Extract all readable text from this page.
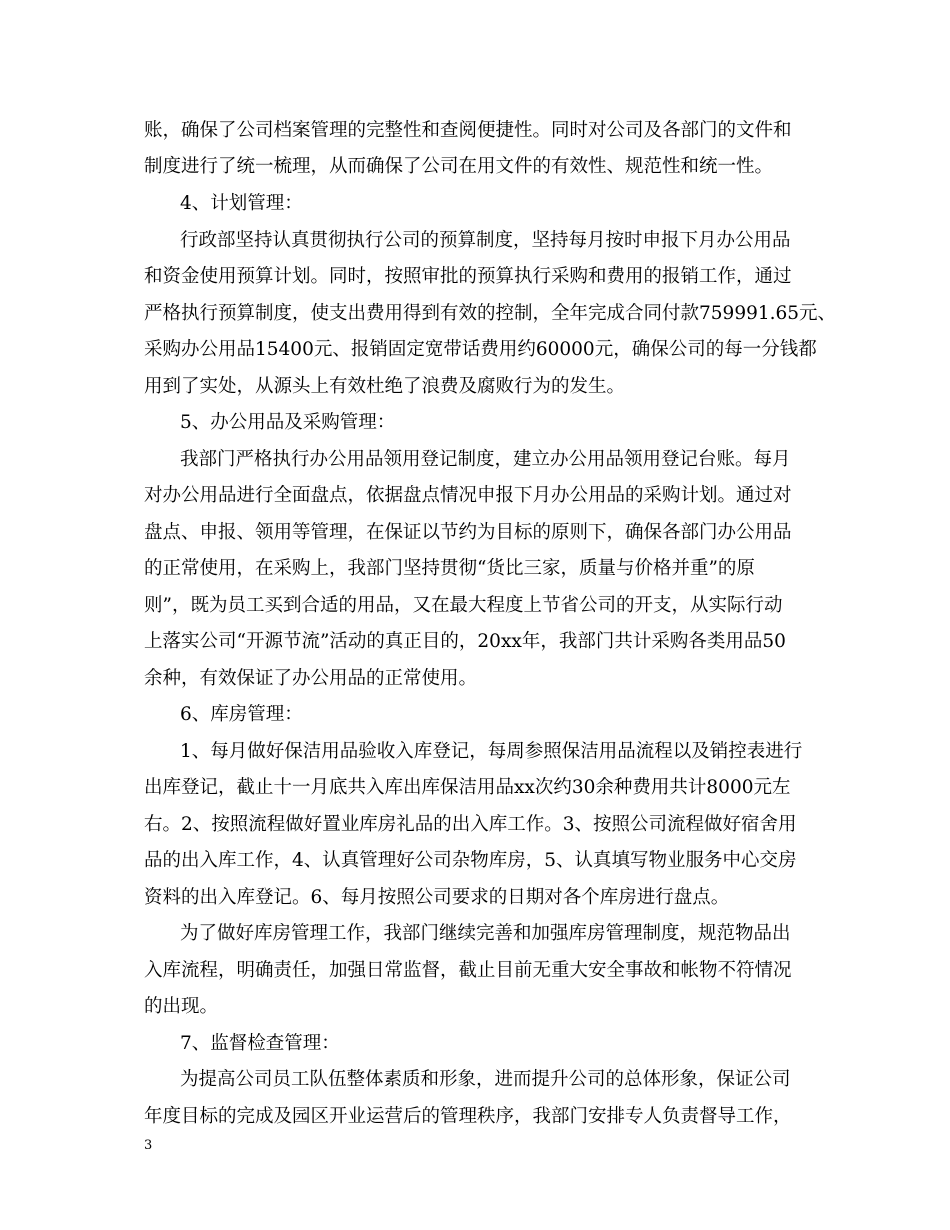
账，确保了公司档案管理的完整性和查阅便捷性。同时对公司及各部门的文件和
制度进行了统一梳理，从而确保了公司在用文件的有效性、规范性和统一性。
4、计划管理：
行政部坚持认真贯彻执行公司的预算制度，坚持每月按时申报下月办公用品
和资金使用预算计划。同时，按照审批的预算执行采购和费用的报销工作，通过
严格执行预算制度，使支出费用得到有效的控制，全年完成合同付款759991.65元、
采购办公用品15400元、报销固定宽带话费用约60000元，确保公司的每一分钱都
用到了实处，从源头上有效杜绝了浪费及腐败行为的发生。
5、办公用品及采购管理：
我部门严格执行办公用品领用登记制度，建立办公用品领用登记台账。每月
对办公用品进行全面盘点，依据盘点情况申报下月办公用品的采购计划。通过对
盘点、申报、领用等管理，在保证以节约为目标的原则下，确保各部门办公用品
的正常使用，在采购上，我部门坚持贯彻“货比三家，质量与价格并重”的原
则”，既为员工买到合适的用品，又在最大程度上节省公司的开支，从实际行动
上落实公司“开源节流”活动的真正目的，20xx年，我部门共计采购各类用品50
余种，有效保证了办公用品的正常使用。
6、库房管理：
1、每月做好保洁用品验收入库登记，每周参照保洁用品流程以及销控表进行
出库登记，截止十一月底共入库出库保洁用品xx次约30余种费用共计8000元左
右。2、按照流程做好置业库房礼品的出入库工作。3、按照公司流程做好宿舍用
品的出入库工作，4、认真管理好公司杂物库房，5、认真填写物业服务中心交房
资料的出入库登记。6、每月按照公司要求的日期对各个库房进行盘点。
为了做好库房管理工作，我部门继续完善和加强库房管理制度，规范物品出
入库流程，明确责任，加强日常监督，截止目前无重大安全事故和帐物不符情况
的出现。
7、监督检查管理：
为提高公司员工队伍整体素质和形象，进而提升公司的总体形象，保证公司
年度目标的完成及园区开业运营后的管理秩序，我部门安排专人负责督导工作，
3
